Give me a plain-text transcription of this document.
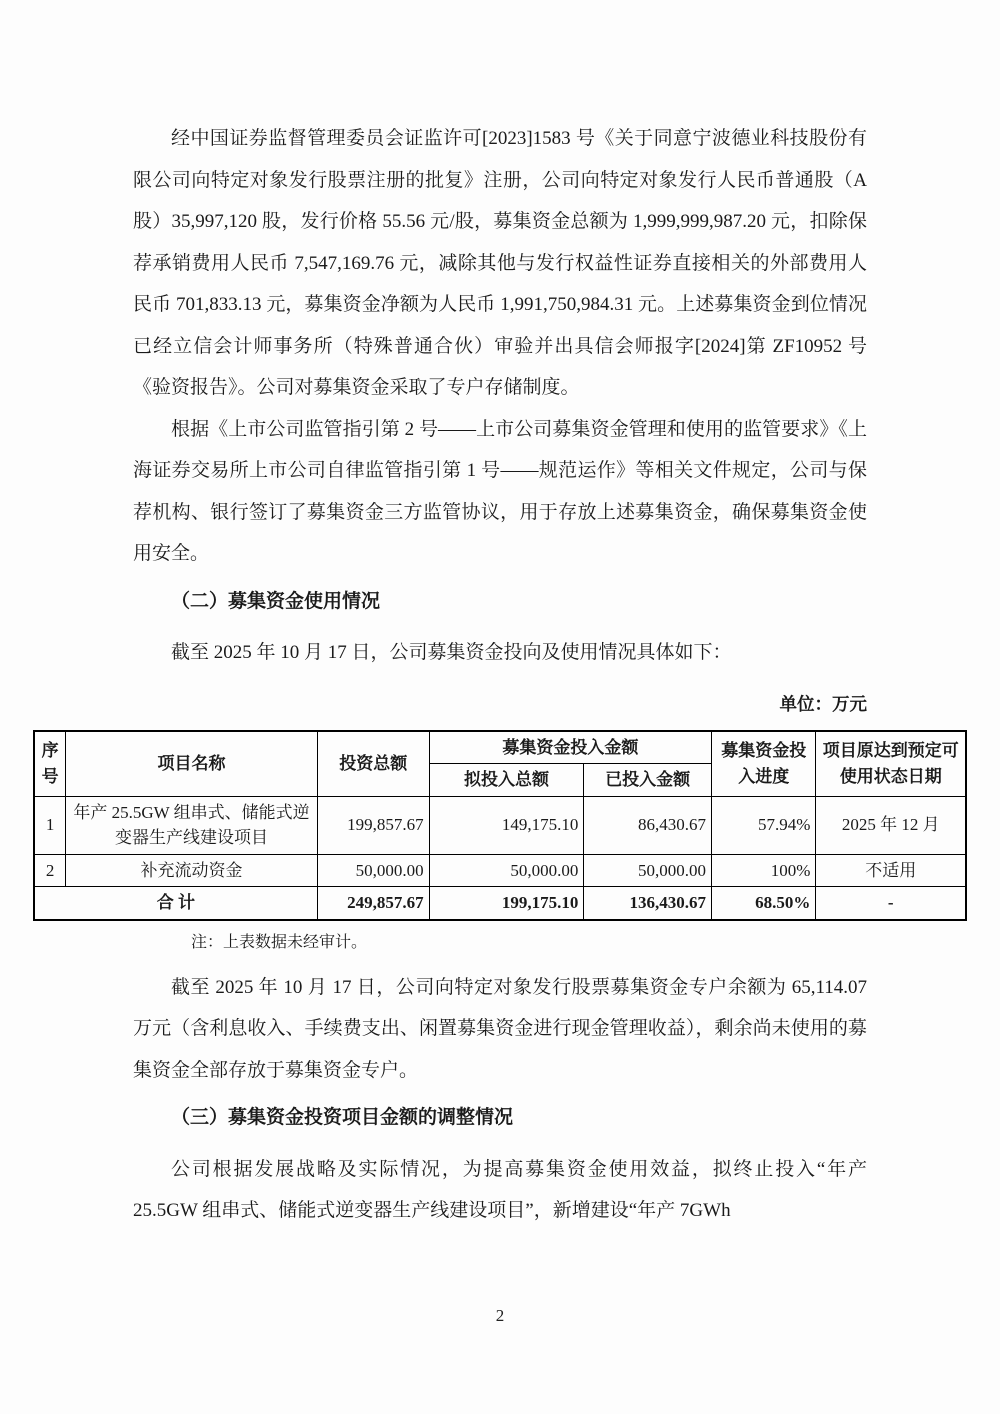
经中国证券监督管理委员会证监许可[2023]1583 号《关于同意宁波德业科技股份有限公司向特定对象发行股票注册的批复》注册，公司向特定对象发行人民币普通股（A 股）35,997,120 股，发行价格 55.56 元/股，募集资金总额为 1,999,999,987.20 元，扣除保荐承销费用人民币 7,547,169.76 元，减除其他与发行权益性证券直接相关的外部费用人民币 701,833.13 元，募集资金净额为人民币 1,991,750,984.31 元。上述募集资金到位情况已经立信会计师事务所（特殊普通合伙）审验并出具信会师报字[2024]第 ZF10952 号《验资报告》。公司对募集资金采取了专户存储制度。

根据《上市公司监管指引第 2 号——上市公司募集资金管理和使用的监管要求》《上海证券交易所上市公司自律监管指引第 1 号——规范运作》等相关文件规定，公司与保荐机构、银行签订了募集资金三方监管协议，用于存放上述募集资金，确保募集资金使用安全。

（二）募集资金使用情况

截至 2025 年 10 月 17 日，公司募集资金投向及使用情况具体如下：

单位：万元
序号	项目名称	投资总额	募集资金投入金额		募集资金投入进度	项目原达到预定可使用状态日期
			拟投入总额	已投入金额		
1	年产 25.5GW 组串式、储能式逆变器生产线建设项目	199,857.67	149,175.10	86,430.67	57.94%	2025 年 12 月
2	补充流动资金	50,000.00	50,000.00	50,000.00	100%	不适用
合 计		249,857.67	199,175.10	136,430.67	68.50%	-
注：上表数据未经审计。

截至 2025 年 10 月 17 日，公司向特定对象发行股票募集资金专户余额为 65,114.07 万元（含利息收入、手续费支出、闲置募集资金进行现金管理收益），剩余尚未使用的募集资金全部存放于募集资金专户。

（三）募集资金投资项目金额的调整情况

公司根据发展战略及实际情况，为提高募集资金使用效益，拟终止投入“年产 25.5GW 组串式、储能式逆变器生产线建设项目”，新增建设“年产 7GWh

2
